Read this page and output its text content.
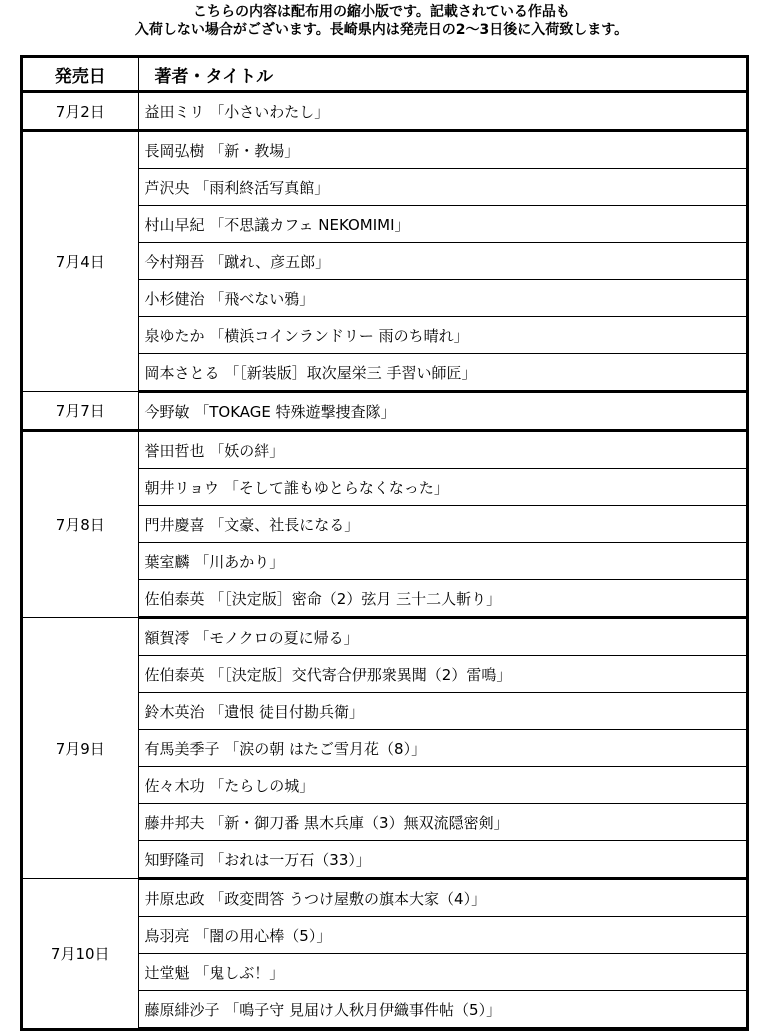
こちらの内容は配布用の縮小版です。記載されている作品も
入荷しない場合がございます。長崎県内は発売日の2～3日後に入荷致します。
発売日	著者・タイトル
7月2日	益田ミリ 「小さいわたし」
7月4日	長岡弘樹 「新・教場」
	芦沢央 「雨利終活写真館」
	村山早紀 「不思議カフェ NEKOMIMI」
	今村翔吾 「蹴れ、彦五郎」
	小杉健治 「飛べない鴉」
	泉ゆたか 「横浜コインランドリー 雨のち晴れ」
	岡本さとる 「［新装版］取次屋栄三 手習い師匠」
7月7日	今野敏 「TOKAGE 特殊遊撃捜査隊」
7月8日	誉田哲也 「妖の絆」
	朝井リョウ 「そして誰もゆとらなくなった」
	門井慶喜 「文豪、社長になる」
	葉室麟 「川あかり」
	佐伯泰英 「［決定版］密命（2）弦月 三十二人斬り」
7月9日	額賀澪 「モノクロの夏に帰る」
	佐伯泰英 「［決定版］交代寄合伊那衆異聞（2）雷鳴」
	鈴木英治 「遺恨 徒目付勘兵衛」
	有馬美季子 「涙の朝 はたご雪月花（8）」
	佐々木功 「たらしの城」
	藤井邦夫 「新・御刀番 黒木兵庫（3）無双流隠密剣」
	知野隆司 「おれは一万石（33）」
7月10日	井原忠政 「政変問答 うつけ屋敷の旗本大家（4）」
	鳥羽亮 「闇の用心棒（5）」
	辻堂魁 「鬼しぶ！」
	藤原緋沙子 「鳴子守 見届け人秋月伊織事件帖（5）」
